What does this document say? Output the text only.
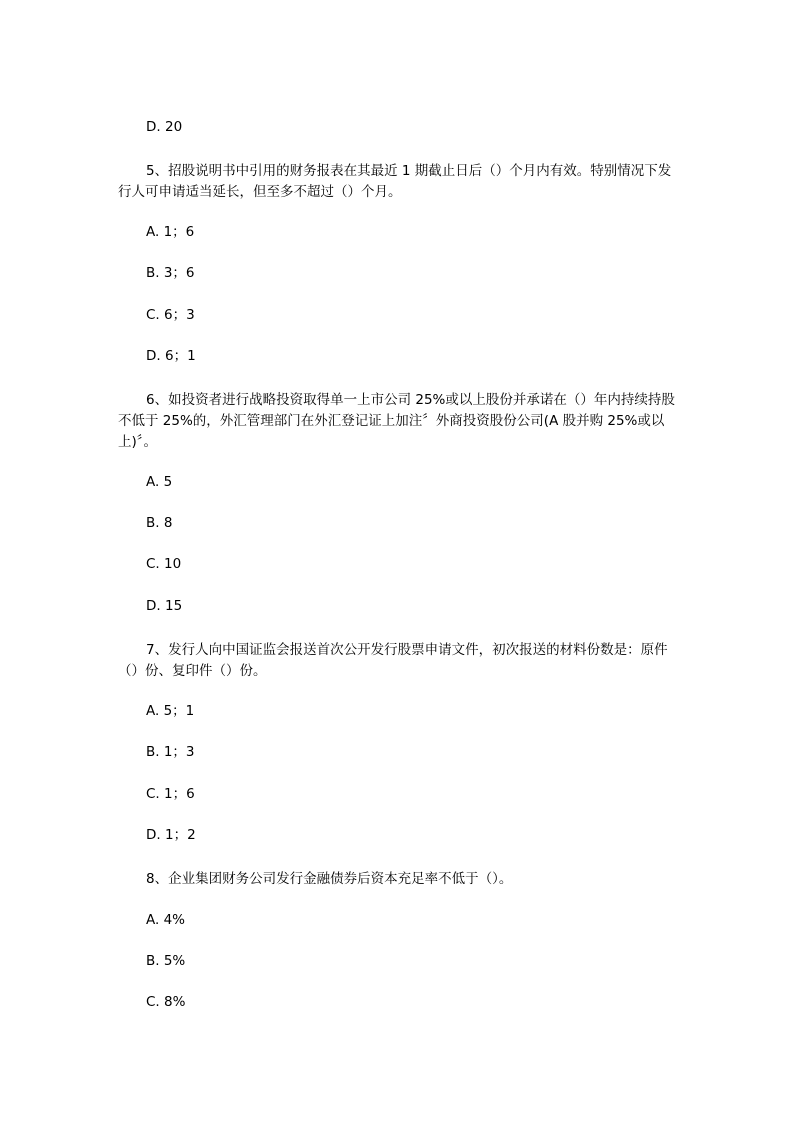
D. 20

5、招股说明书中引用的财务报表在其最近 1 期截止日后（）个月内有效。特别情况下发行人可申请适当延长，但至多不超过（）个月。

A. 1；6

B. 3；6

C. 6；3

D. 6；1

6、如投资者进行战略投资取得单一上市公司 25%或以上股份并承诺在（）年内持续持股不低于 25%的，外汇管理部门在外汇登记证上加注〞外商投资股份公司(A 股并购 25%或以上)〞。

A. 5

B. 8

C. 10

D. 15

7、发行人向中国证监会报送首次公开发行股票申请文件，初次报送的材料份数是：原件（）份、复印件（）份。

A. 5；1

B. 1；3

C. 1；6

D. 1；2

8、企业集团财务公司发行金融债券后资本充足率不低于（）。

A. 4%

B. 5%

C. 8%
